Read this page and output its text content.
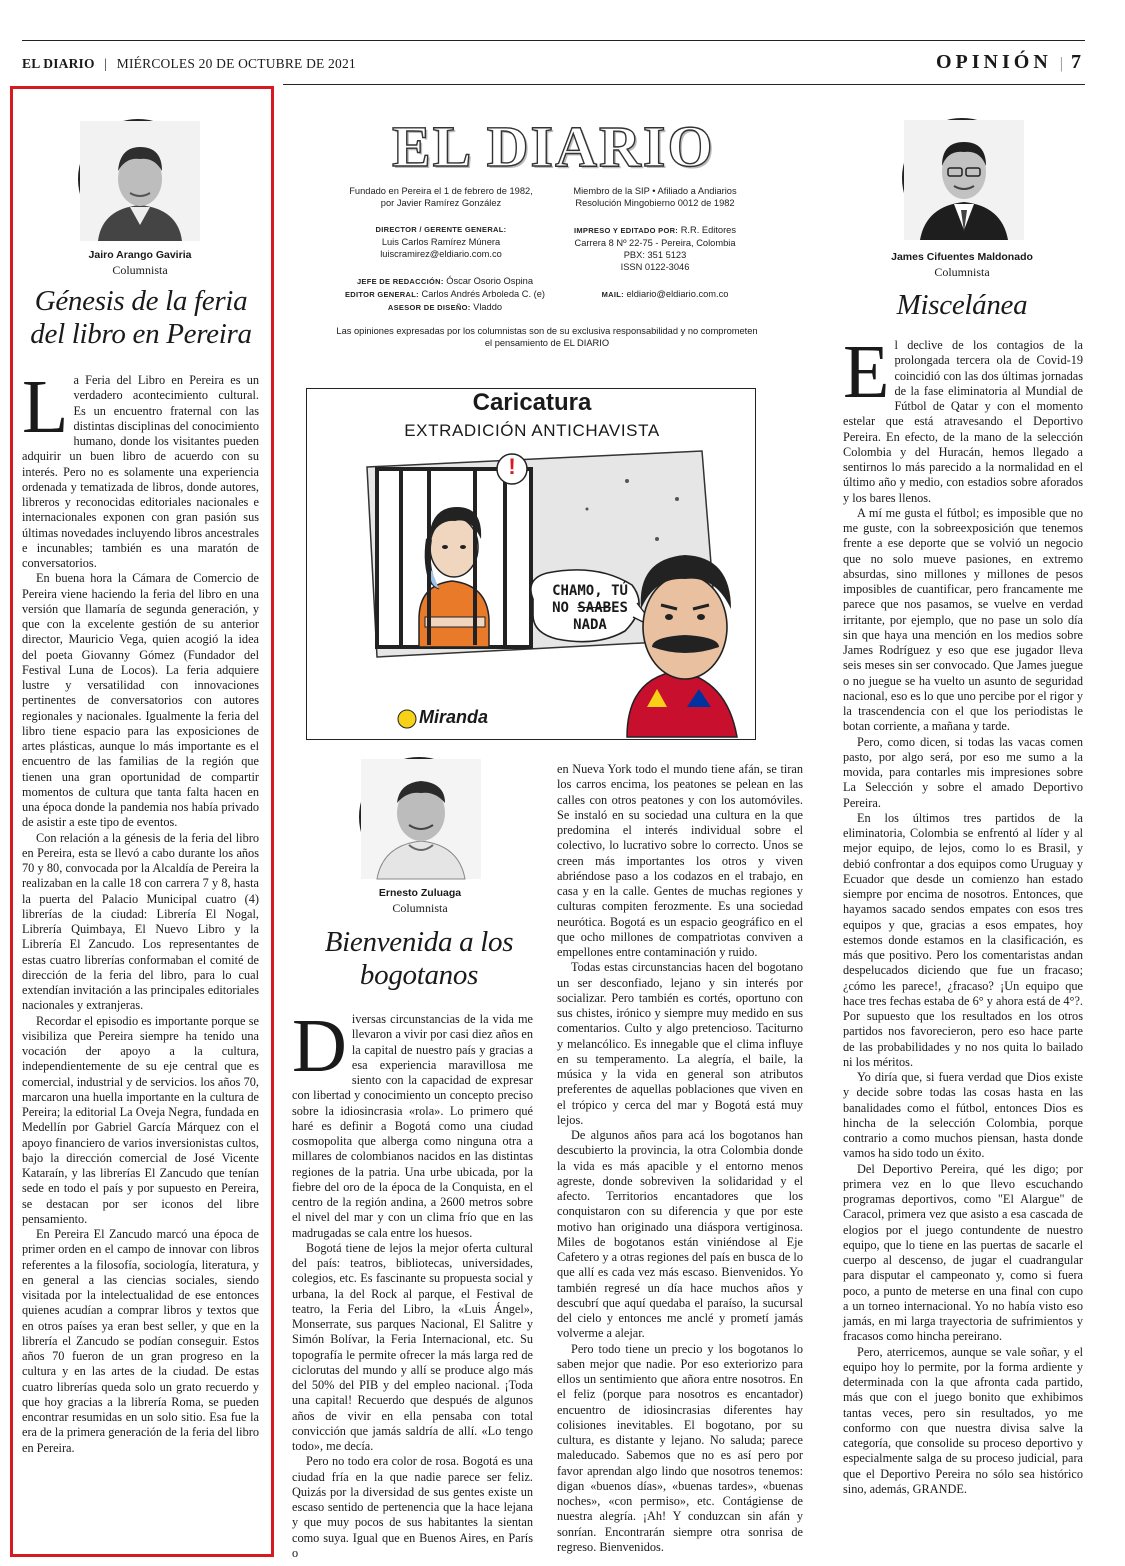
EL DIARIO | MIÉRCOLES 20 DE OCTUBRE DE 2021	OPINIÓN | 7
Jairo Arango Gaviria
Columnista
Génesis de la feria del libro en Pereira

La Feria del Libro en Pereira es un verdadero acontecimiento cultural. Es un encuentro fraternal con las distintas disciplinas del conocimiento humano, donde los visitantes pueden adquirir un buen libro de acuerdo con su interés. Pero no es solamente una experiencia ordenada y tematizada de libros, donde autores, libreros y reconocidas editoriales nacionales e internacionales exponen con gran pasión sus últimas novedades incluyendo libros ancestrales e incunables; también es una maratón de conversatorios.

En buena hora la Cámara de Comercio de Pereira viene haciendo la feria del libro en una versión que llamaría de segunda generación, y que con la excelente gestión de su anterior director, Mauricio Vega, quien acogió la idea del poeta Giovanny Gómez (Fundador del Festival Luna de Locos). La feria adquiere lustre y versatilidad con innovaciones pertinentes de conversatorios con autores regionales y nacionales. Igualmente la feria del libro tiene espacio para las exposiciones de artes plásticas, aunque lo más importante es el encuentro de las familias de la región que tienen una gran oportunidad de compartir momentos de cultura que tanta falta hacen en una época donde la pandemia nos había privado de asistir a este tipo de eventos.

Con relación a la génesis de la feria del libro en Pereira, esta se llevó a cabo durante los años 70 y 80, convocada por la Alcaldía de Pereira la realizaban en la calle 18 con carrera 7 y 8, hasta la puerta del Palacio Municipal cuatro (4) librerías de la ciudad: Librería El Nogal, Librería Quimbaya, El Nuevo Libro y la Librería El Zancudo. Los representantes de estas cuatro librerías conformaban el comité de dirección de la feria del libro, para lo cual extendían invitación a las principales editoriales nacionales y extranjeras.

Recordar el episodio es importante porque se visibiliza que Pereira siempre ha tenido una vocación der apoyo a la cultura, independientemente de su eje central que es comercial, industrial y de servicios. los años 70, marcaron una huella importante en la cultura de Pereira; la editorial La Oveja Negra, fundada en Medellín por Gabriel García Márquez con el apoyo financiero de varios inversionistas cultos, bajo la dirección comercial de José Vicente Kataraín, y las librerías El Zancudo que tenían sede en todo el país y por supuesto en Pereira, se destacan por ser iconos del libre pensamiento.

En Pereira El Zancudo marcó una época de primer orden en el campo de innovar con libros referentes a la filosofía, sociología, literatura, y en general a las ciencias sociales, siendo visitada por la intelectualidad de ese entonces quienes acudían a comprar libros y textos que en otros países ya eran best seller, y que en la librería el Zancudo se podían conseguir. Estos años 70 fueron de un gran progreso en la cultura y en las artes de la ciudad. De estas cuatro librerías queda solo un grato recuerdo y que hoy gracias a la librería Roma, se pueden encontrar resumidas en un solo sitio. Esa fue la era de la primera generación de la feria del libro en Pereira.

EL DIARIO
Fundado en Pereira el 1 de febrero de 1982,
por Javier Ramírez González
Miembro de la SIP • Afiliado a Andiarios
Resolución Mingobierno 0012 de 1982
DIRECTOR / GERENTE GENERAL:
Luis Carlos Ramírez Múnera
luiscramirez@eldiario.com.co
IMPRESO Y EDITADO POR: R.R. Editores
Carrera 8 Nº 22-75 - Pereira, Colombia
PBX: 351 5123
ISSN 0122-3046
JEFE DE REDACCIÓN: Óscar Osorio Ospina
EDITOR GENERAL: Carlos Andrés Arboleda C. (e)
ASESOR DE DISEÑO: Vladdo
MAIL: eldiario@eldiario.com.co
Las opiniones expresadas por los columnistas son de su exclusiva responsabilidad y no comprometen el pensamiento de EL DIARIO
Caricatura
EXTRADICIÓN ANTICHAVISTA
!
CHAMO, TÚ
NO SAABES
NADA
Miranda
Ernesto Zuluaga
Columnista
Bienvenida a los bogotanos

Diversas circunstancias de la vida me llevaron a vivir por casi diez años en la capital de nuestro país y gracias a esa experiencia maravillosa me siento con la capacidad de expresar con libertad y conocimiento un concepto preciso sobre la idiosincrasia «rola». Lo primero qué haré es definir a Bogotá como una ciudad cosmopolita que alberga como ninguna otra a millares de colombianos nacidos en las distintas regiones de la patria. Una urbe ubicada, por la fiebre del oro de la época de la Conquista, en el centro de la región andina, a 2600 metros sobre el nivel del mar y con un clima frío que en las madrugadas se cala entre los huesos.

Bogotá tiene de lejos la mejor oferta cultural del país: teatros, bibliotecas, universidades, colegios, etc. Es fascinante su propuesta social y urbana, la del Rock al parque, el Festival de teatro, la Feria del Libro, la «Luis Ángel», Monserrate, sus parques Nacional, El Salitre y Simón Bolívar, la Feria Internacional, etc. Su topografía le permite ofrecer la más larga red de ciclorutas del mundo y allí se produce algo más del 50% del PIB y del empleo nacional. ¡Toda una capital! Recuerdo que después de algunos años de vivir en ella pensaba con total convicción que jamás saldría de allí. «Lo tengo todo», me decía.

Pero no todo era color de rosa. Bogotá es una ciudad fría en la que nadie parece ser feliz. Quizás por la diversidad de sus gentes existe un escaso sentido de pertenencia que la hace lejana y que muy pocos de sus habitantes la sientan como suya. Igual que en Buenos Aires, en París o

en Nueva York todo el mundo tiene afán, se tiran los carros encima, los peatones se pelean en las calles con otros peatones y con los automóviles. Se instaló en su sociedad una cultura en la que predomina el interés individual sobre el colectivo, lo lucrativo sobre lo correcto. Unos se creen más importantes los otros y viven abriéndose paso a los codazos en el trabajo, en casa y en la calle. Gentes de muchas regiones y culturas compiten ferozmente. Es una sociedad neurótica. Bogotá es un espacio geográfico en el que ocho millones de compatriotas conviven a empellones entre contaminación y ruido.

Todas estas circunstancias hacen del bogotano un ser desconfiado, lejano y sin interés por socializar. Pero también es cortés, oportuno con sus chistes, irónico y siempre muy medido en sus comentarios. Culto y algo pretencioso. Taciturno y melancólico. Es innegable que el clima influye en su temperamento. La alegría, el baile, la música y la vida en general son atributos preferentes de aquellas poblaciones que viven en el trópico y cerca del mar y Bogotá está muy lejos.

De algunos años para acá los bogotanos han descubierto la provincia, la otra Colombia donde la vida es más apacible y el entorno menos agreste, donde sobreviven la solidaridad y el afecto. Territorios encantadores que los conquistaron con su diferencia y que por este motivo han originado una diáspora vertiginosa. Miles de bogotanos están viniéndose al Eje Cafetero y a otras regiones del país en busca de lo que allí es cada vez más escaso. Bienvenidos. Yo también regresé un día hace muchos años y descubrí que aquí quedaba el paraíso, la sucursal del cielo y entonces me anclé y prometí jamás volverme a alejar.

Pero todo tiene un precio y los bogotanos lo saben mejor que nadie. Por eso exteriorizo para ellos un sentimiento que añora entre nosotros. En el feliz (porque para nosotros es encantador) encuentro de idiosincrasias diferentes hay colisiones inevitables. El bogotano, por su cultura, es distante y lejano. No saluda; parece maleducado. Sabemos que no es así pero por favor aprendan algo lindo que nosotros tenemos: digan «buenos días», «buenas tardes», «buenas noches», «con permiso», etc. Contágiense de nuestra alegría. ¡Ah! Y conduzcan sin afán y sonrían. Encontrarán siempre otra sonrisa de regreso. Bienvenidos.

James Cifuentes Maldonado
Columnista
Miscelánea

El declive de los contagios de la prolongada tercera ola de Covid-19 coincidió con las dos últimas jornadas de la fase eliminatoria al Mundial de Fútbol de Qatar y con el momento estelar que está atravesando el Deportivo Pereira. En efecto, de la mano de la selección Colombia y del Huracán, hemos llegado a sentirnos lo más parecido a la normalidad en el último año y medio, con estadios sobre aforados y los bares llenos.

A mí me gusta el fútbol; es imposible que no me guste, con la sobreexposición que tenemos frente a ese deporte que se volvió un negocio que no solo mueve pasiones, en extremo absurdas, sino millones y millones de pesos imposibles de cuantificar, pero francamente me parece que nos pasamos, se vuelve en verdad irritante, por ejemplo, que no pase un solo día sin que haya una mención en los medios sobre James Rodríguez y eso que ese jugador lleva seis meses sin ser convocado. Que James juegue o no juegue se ha vuelto un asunto de seguridad nacional, eso es lo que uno percibe por el rigor y la trascendencia con el que los periodistas le botan corriente, a mañana y tarde.

Pero, como dicen, si todas las vacas comen pasto, por algo será, por eso me sumo a la movida, para contarles mis impresiones sobre La Selección y sobre el amado Deportivo Pereira.

En los últimos tres partidos de la eliminatoria, Colombia se enfrentó al líder y al mejor equipo, de lejos, como lo es Brasil, y debió confrontar a dos equipos como Uruguay y Ecuador que desde un comienzo han estado siempre por encima de nosotros. Entonces, que hayamos sacado sendos empates con esos tres equipos y que, gracias a esos empates, hoy estemos donde estamos en la clasificación, es más que positivo. Pero los comentaristas andan despelucados diciendo que fue un fracaso; ¿cómo les parece!, ¿fracaso? ¡Un equipo que hace tres fechas estaba de 6° y ahora está de 4°?. Por supuesto que los resultados en los otros partidos nos favorecieron, pero eso hace parte de las probabilidades y no nos quita lo bailado ni los méritos.

Yo diría que, si fuera verdad que Dios existe y decide sobre todas las cosas hasta en las banalidades como el fútbol, entonces Dios es hincha de la selección Colombia, porque contrario a como muchos piensan, hasta donde vamos ha sido todo un éxito.

Del Deportivo Pereira, qué les digo; por primera vez en lo que llevo escuchando programas deportivos, como "El Alargue" de Caracol, primera vez que asisto a esa cascada de elogios por el juego contundente de nuestro equipo, que lo tiene en las puertas de sacarle el cuerpo al descenso, de jugar el cuadrangular para disputar el campeonato y, como si fuera poco, a punto de meterse en una final con cupo a un torneo internacional. Yo no había visto eso jamás, en mi larga trayectoria de sufrimientos y fracasos como hincha pereirano.

Pero, aterricemos, aunque se vale soñar, y el equipo hoy lo permite, por la forma ardiente y determinada con la que afronta cada partido, más que con el juego bonito que exhibimos tantas veces, pero sin resultados, yo me conformo con que nuestra divisa salve la categoría, que consolide su proceso deportivo y especialmente salga de su proceso judicial, para que el Deportivo Pereira no sólo sea histórico sino, además, GRANDE.
